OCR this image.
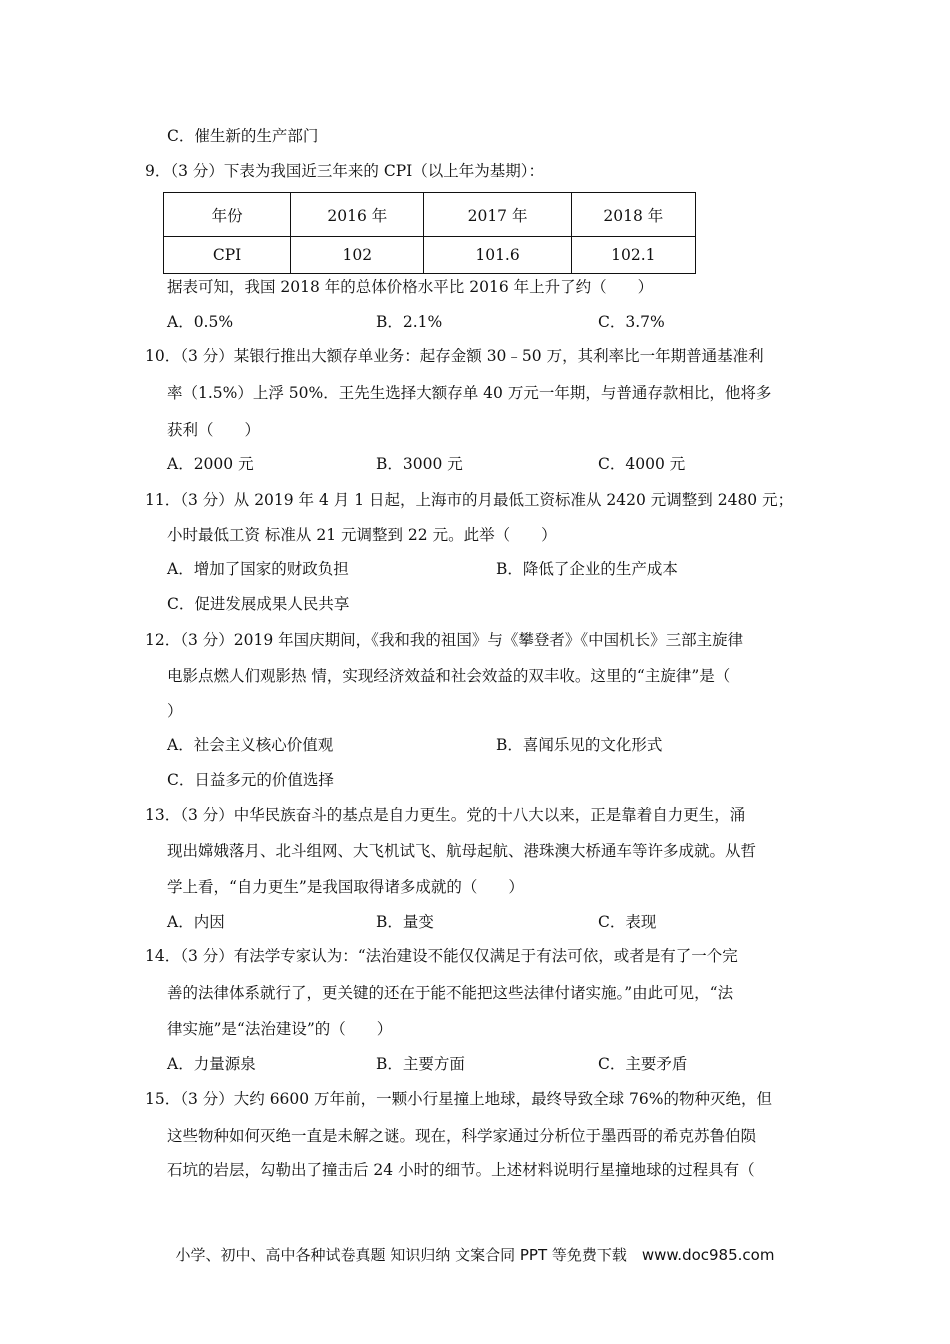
C．催生新的生产部门
9．（3 分）下表为我国近三年来的 CPI（以上年为基期）：
年份	2016 年	2017 年	2018 年
CPI	102	101.6	102.1
据表可知，我国 2018 年的总体价格水平比 2016 年上升了约（　　）
A．0.5%	B．2.1%	C．3.7%
10．（3 分）某银行推出大额存单业务：起存金额 30﹣50 万，其利率比一年期普通基准利
率（1.5%）上浮 50%．王先生选择大额存单 40 万元一年期，与普通存款相比，他将多
获利（　　）
A．2000 元	B．3000 元	C．4000 元
11．（3 分）从 2019 年 4 月 1 日起，上海市的月最低工资标准从 2420 元调整到 2480 元；
小时最低工资 标准从 21 元调整到 22 元。此举（　　）
A．增加了国家的财政负担	B．降低了企业的生产成本
C．促进发展成果人民共享
12．（3 分）2019 年国庆期间，《我和我的祖国》与《攀登者》《中国机长》三部主旋律
电影点燃人们观影热 情，实现经济效益和社会效益的双丰收。这里的“主旋律”是（
）
A．社会主义核心价值观	B．喜闻乐见的文化形式
C．日益多元的价值选择
13．（3 分）中华民族奋斗的基点是自力更生。党的十八大以来，正是靠着自力更生，涌
现出嫦娥落月、北斗组网、大飞机试飞、航母起航、港珠澳大桥通车等许多成就。从哲
学上看，“自力更生”是我国取得诸多成就的（　　）
A．内因	B．量变	C．表现
14．（3 分）有法学专家认为：“法治建设不能仅仅满足于有法可依，或者是有了一个完
善的法律体系就行了，更关键的还在于能不能把这些法律付诸实施。”由此可见，“法
律实施”是“法治建设”的（　　）
A．力量源泉	B．主要方面	C．主要矛盾
15．（3 分）大约 6600 万年前，一颗小行星撞上地球，最终导致全球 76%的物种灭绝，但
这些物种如何灭绝一直是未解之谜。现在，科学家通过分析位于墨西哥的希克苏鲁伯陨
石坑的岩层，勾勒出了撞击后 24 小时的细节。上述材料说明行星撞地球的过程具有（
小学、初中、高中各种试卷真题 知识归纳 文案合同 PPT 等免费下载　www.doc985.com
